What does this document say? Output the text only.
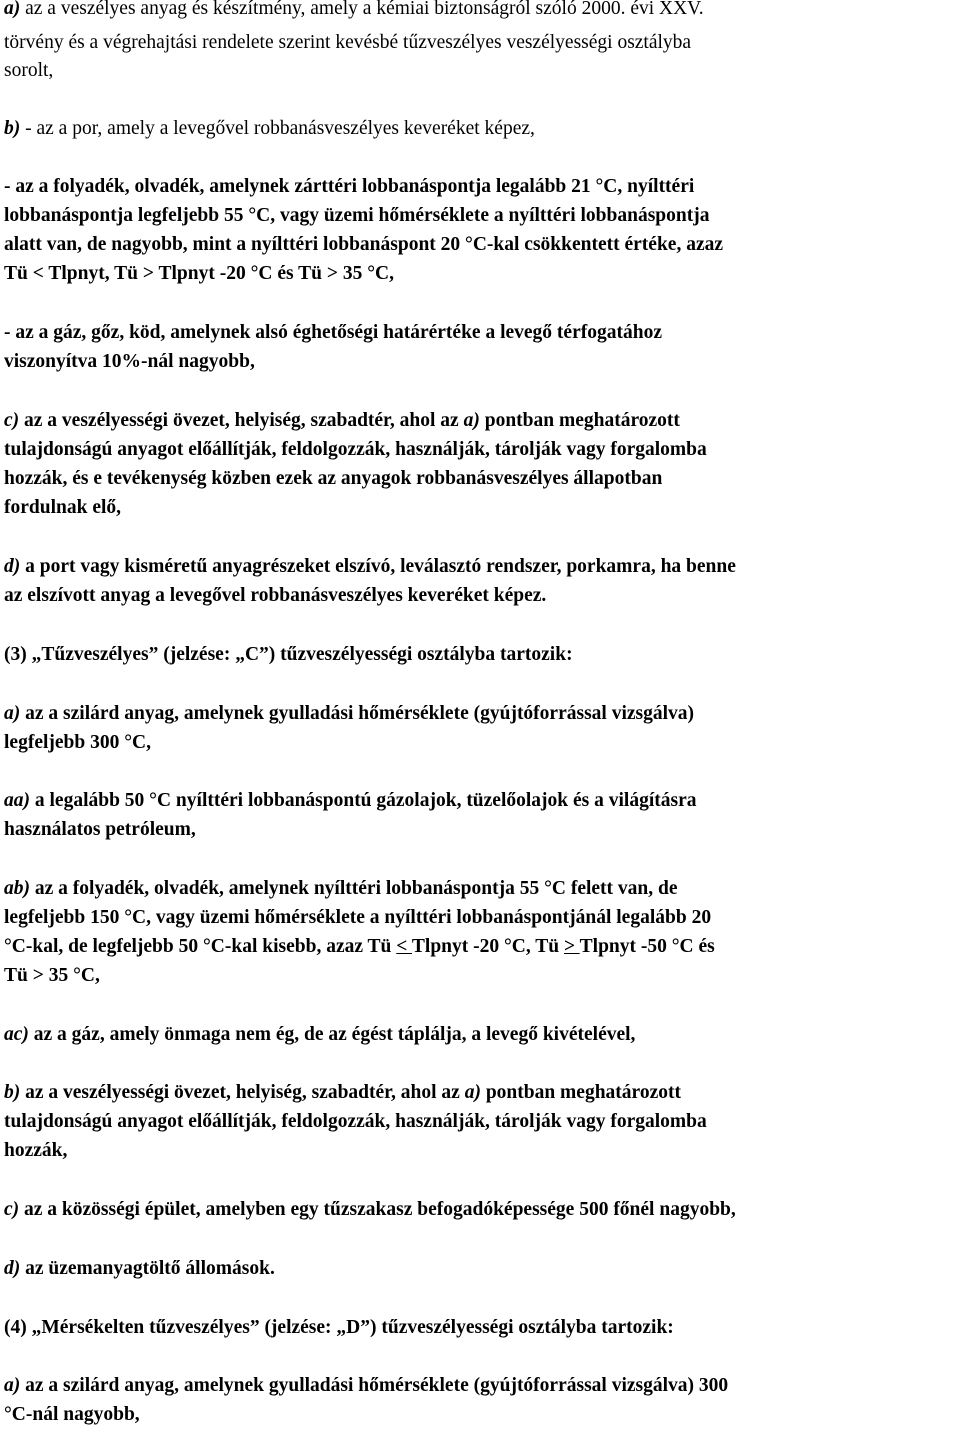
a) az a veszélyes anyag és készítmény, amely a kémiai biztonságról szóló 2000. évi XXV.
törvény és a végrehajtási rendelete szerint kevésbé tűzveszélyes veszélyességi osztályba
sorolt,
b) - az a por, amely a levegővel robbanásveszélyes keveréket képez,
- az a folyadék, olvadék, amelynek zárttéri lobbanáspontja legalább 21 °C, nyílttéri
lobbanáspontja legfeljebb 55 °C, vagy üzemi hőmérséklete a nyílttéri lobbanáspontja
alatt van, de nagyobb, mint a nyílttéri lobbanáspont 20 °C-kal csökkentett értéke, azaz
Tü < Tlpnyt, Tü > Tlpnyt -20 °C és Tü > 35 °C,
- az a gáz, gőz, köd, amelynek alsó éghetőségi határértéke a levegő térfogatához
viszonyítva 10%-nál nagyobb,
c) az a veszélyességi övezet, helyiség, szabadtér, ahol az a) pontban meghatározott
tulajdonságú anyagot előállítják, feldolgozzák, használják, tárolják vagy forgalomba
hozzák, és e tevékenység közben ezek az anyagok robbanásveszélyes állapotban
fordulnak elő,
d) a port vagy kisméretű anyagrészeket elszívó, leválasztó rendszer, porkamra, ha benne
az elszívott anyag a levegővel robbanásveszélyes keveréket képez.
(3) „Tűzveszélyes” (jelzése: „C”) tűzveszélyességi osztályba tartozik:
a) az a szilárd anyag, amelynek gyulladási hőmérséklete (gyújtóforrással vizsgálva)
legfeljebb 300 °C,
aa) a legalább 50 °C nyílttéri lobbanáspontú gázolajok, tüzelőolajok és a világításra
használatos petróleum,
ab) az a folyadék, olvadék, amelynek nyílttéri lobbanáspontja 55 °C felett van, de
legfeljebb 150 °C, vagy üzemi hőmérséklete a nyílttéri lobbanáspontjánál legalább 20
°C-kal, de legfeljebb 50 °C-kal kisebb, azaz Tü < Tlpnyt -20 °C, Tü > Tlpnyt -50 °C és
Tü > 35 °C,
ac) az a gáz, amely önmaga nem ég, de az égést táplálja, a levegő kivételével,
b) az a veszélyességi övezet, helyiség, szabadtér, ahol az a) pontban meghatározott
tulajdonságú anyagot előállítják, feldolgozzák, használják, tárolják vagy forgalomba
hozzák,
c) az a közösségi épület, amelyben egy tűzszakasz befogadóképessége 500 főnél nagyobb,
d) az üzemanyagtöltő állomások.
(4) „Mérsékelten tűzveszélyes” (jelzése: „D”) tűzveszélyességi osztályba tartozik:
a) az a szilárd anyag, amelynek gyulladási hőmérséklete (gyújtóforrással vizsgálva) 300
°C-nál nagyobb,
